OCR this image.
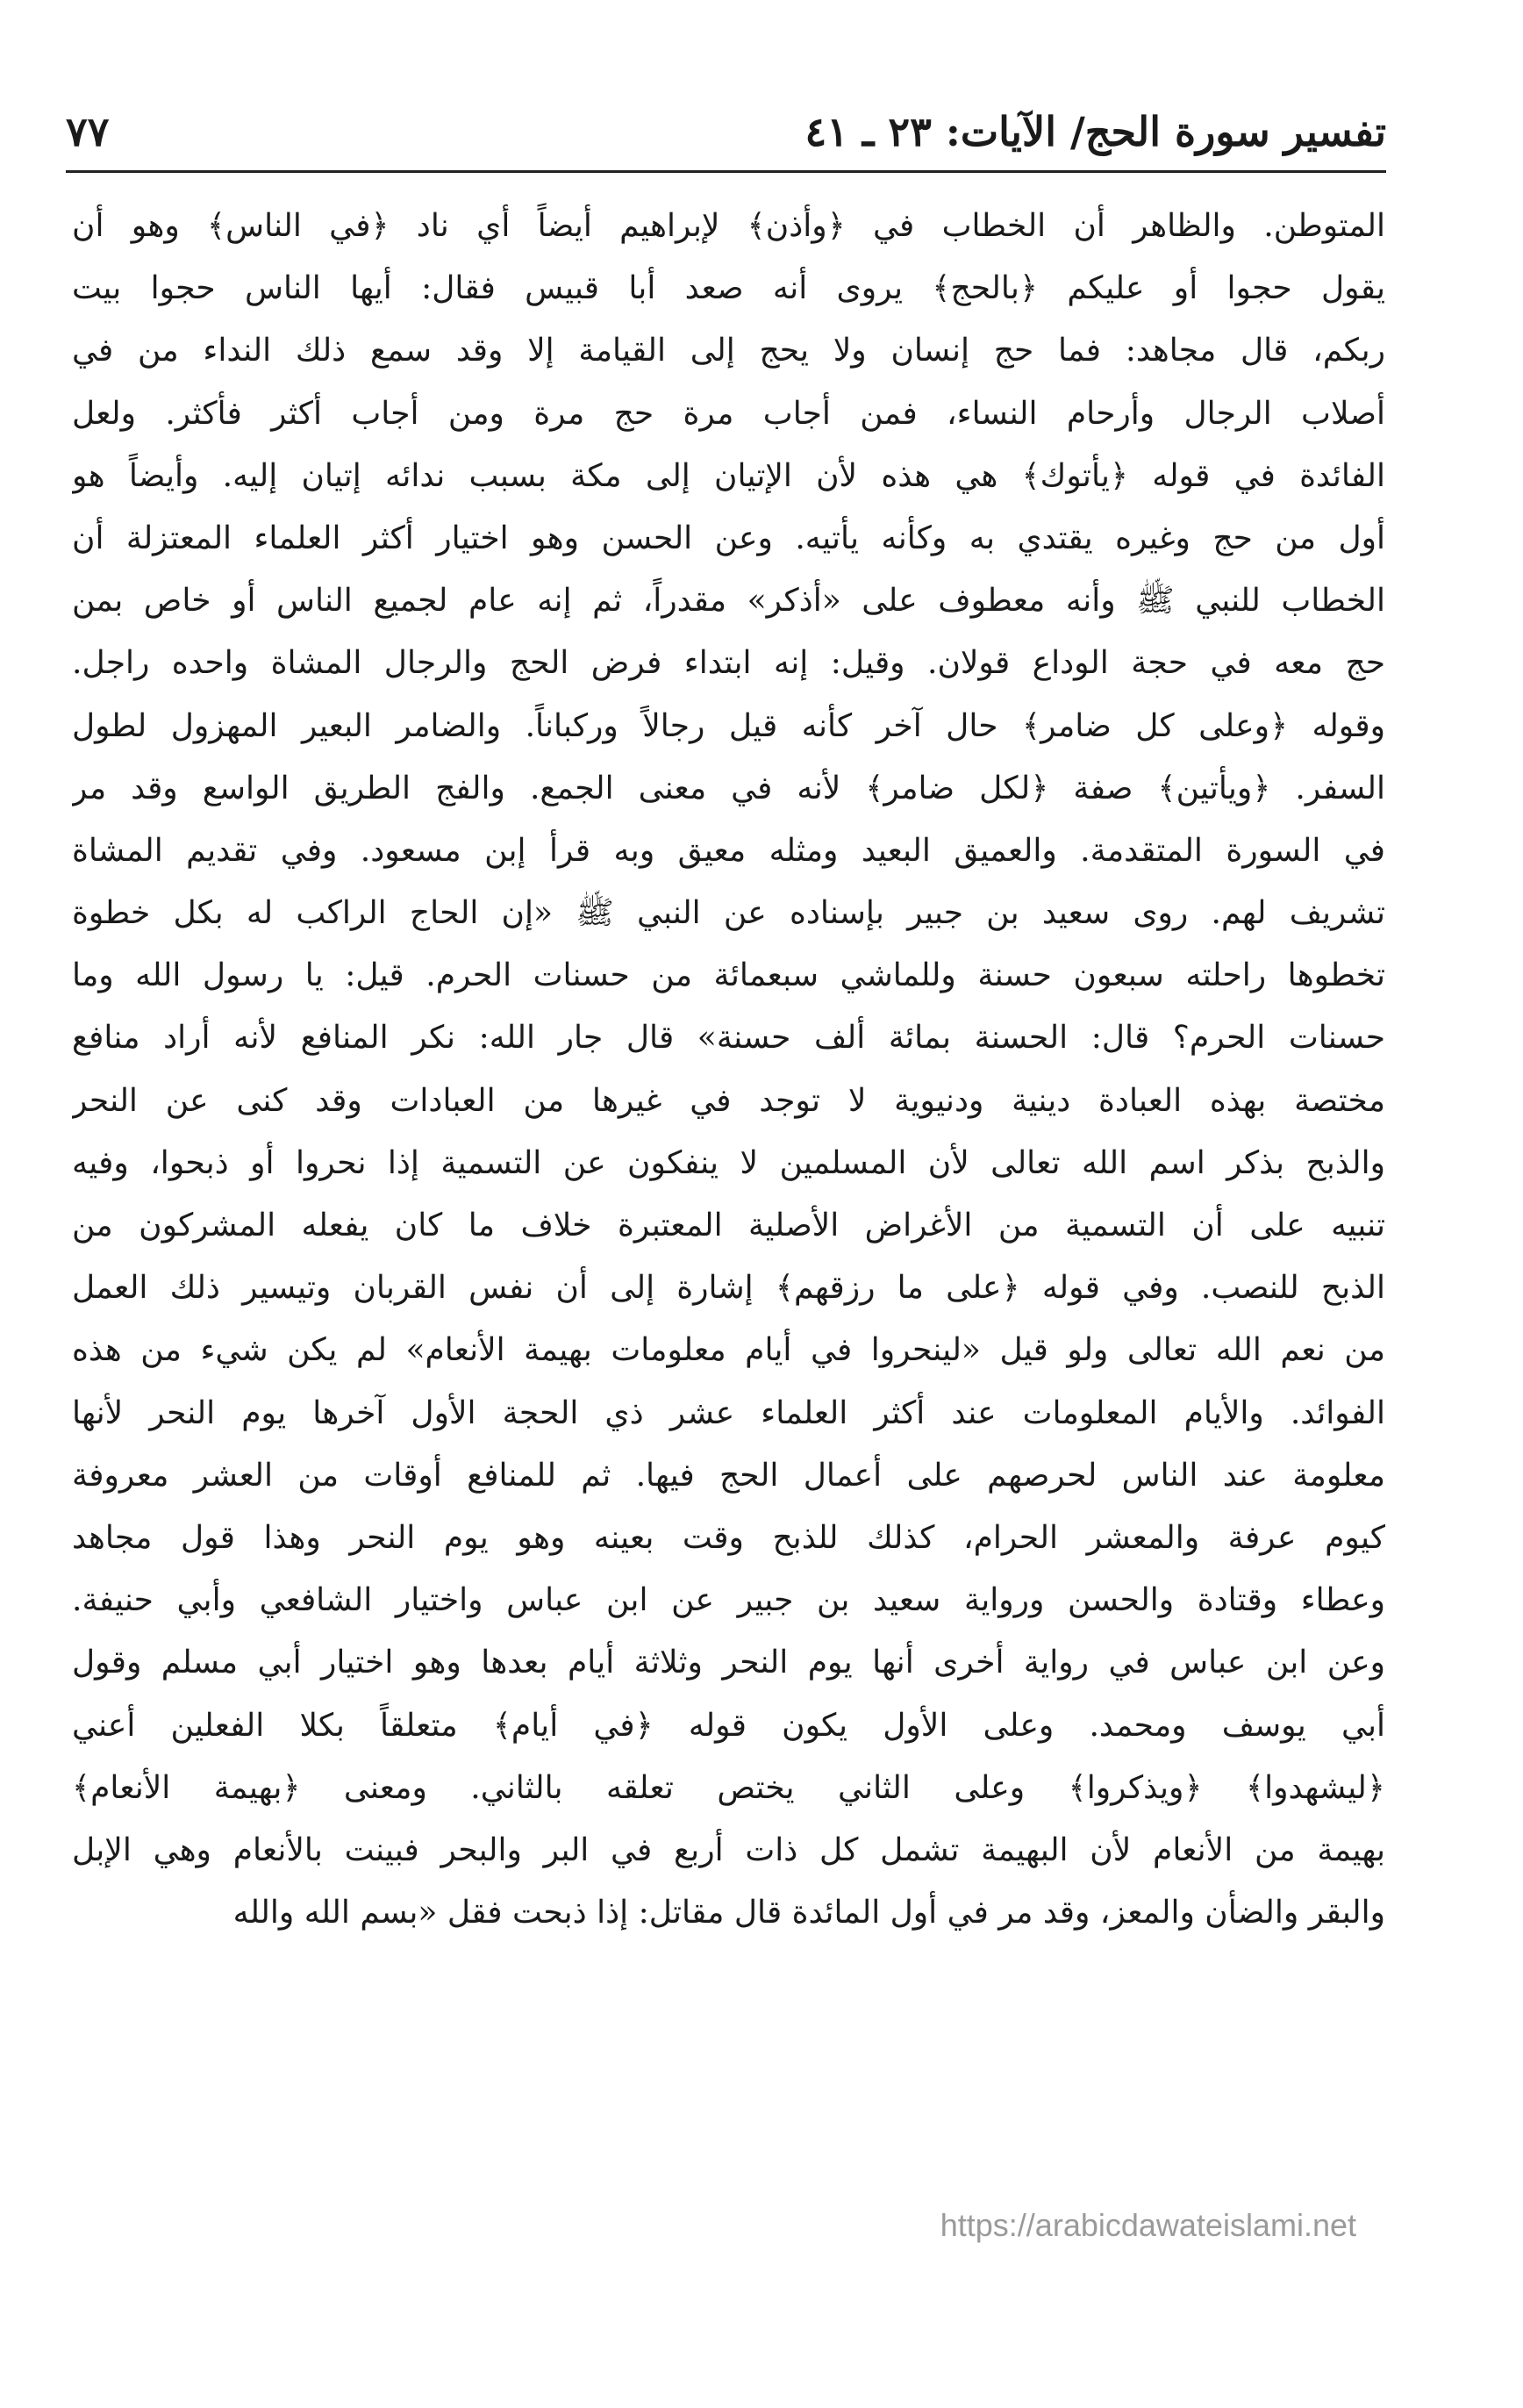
تفسير سورة الحج/ الآيات: ٢٣ ـ ٤١
٧٧
المتوطن. والظاهر أن الخطاب في ﴿وأذن﴾ لإبراهيم أيضاً أي ناد ﴿في الناس﴾ وهو أن
يقول حجوا أو عليكم ﴿بالحج﴾ يروى أنه صعد أبا قبيس فقال: أيها الناس حجوا بيت
ربكم، قال مجاهد: فما حج إنسان ولا يحج إلى القيامة إلا وقد سمع ذلك النداء من في
أصلاب الرجال وأرحام النساء، فمن أجاب مرة حج مرة ومن أجاب أكثر فأكثر. ولعل
الفائدة في قوله ﴿يأتوك﴾ هي هذه لأن الإتيان إلى مكة بسبب ندائه إتيان إليه. وأيضاً هو
أول من حج وغيره يقتدي به وكأنه يأتيه. وعن الحسن وهو اختيار أكثر العلماء المعتزلة أن
الخطاب للنبي ﷺ وأنه معطوف على «أذكر» مقدراً، ثم إنه عام لجميع الناس أو خاص بمن
حج معه في حجة الوداع قولان. وقيل: إنه ابتداء فرض الحج والرجال المشاة واحده راجل.
وقوله ﴿وعلى كل ضامر﴾ حال آخر كأنه قيل رجالاً وركباناً. والضامر البعير المهزول لطول
السفر. ﴿ويأتين﴾ صفة ﴿لكل ضامر﴾ لأنه في معنى الجمع. والفج الطريق الواسع وقد مر
في السورة المتقدمة. والعميق البعيد ومثله معيق وبه قرأ إبن مسعود. وفي تقديم المشاة
تشريف لهم. روى سعيد بن جبير بإسناده عن النبي ﷺ «إن الحاج الراكب له بكل خطوة
تخطوها راحلته سبعون حسنة وللماشي سبعمائة من حسنات الحرم. قيل: يا رسول الله وما
حسنات الحرم؟ قال: الحسنة بمائة ألف حسنة» قال جار الله: نكر المنافع لأنه أراد منافع
مختصة بهذه العبادة دينية ودنيوية لا توجد في غيرها من العبادات وقد كنى عن النحر
والذبح بذكر اسم الله تعالى لأن المسلمين لا ينفكون عن التسمية إذا نحروا أو ذبحوا، وفيه
تنبيه على أن التسمية من الأغراض الأصلية المعتبرة خلاف ما كان يفعله المشركون من
الذبح للنصب. وفي قوله ﴿على ما رزقهم﴾ إشارة إلى أن نفس القربان وتيسير ذلك العمل
من نعم الله تعالى ولو قيل «لينحروا في أيام معلومات بهيمة الأنعام» لم يكن شيء من هذه
الفوائد. والأيام المعلومات عند أكثر العلماء عشر ذي الحجة الأول آخرها يوم النحر لأنها
معلومة عند الناس لحرصهم على أعمال الحج فيها. ثم للمنافع أوقات من العشر معروفة
كيوم عرفة والمعشر الحرام، كذلك للذبح وقت بعينه وهو يوم النحر وهذا قول مجاهد
وعطاء وقتادة والحسن ورواية سعيد بن جبير عن ابن عباس واختيار الشافعي وأبي حنيفة.
وعن ابن عباس في رواية أخرى أنها يوم النحر وثلاثة أيام بعدها وهو اختيار أبي مسلم وقول
أبي يوسف ومحمد. وعلى الأول يكون قوله ﴿في أيام﴾ متعلقاً بكلا الفعلين أعني
﴿ليشهدوا﴾ ﴿ويذكروا﴾ وعلى الثاني يختص تعلقه بالثاني. ومعنى ﴿بهيمة الأنعام﴾
بهيمة من الأنعام لأن البهيمة تشمل كل ذات أربع في البر والبحر فبينت بالأنعام وهي الإبل
والبقر والضأن والمعز، وقد مر في أول المائدة قال مقاتل: إذا ذبحت فقل «بسم الله والله
https://arabicdawateislami.net
